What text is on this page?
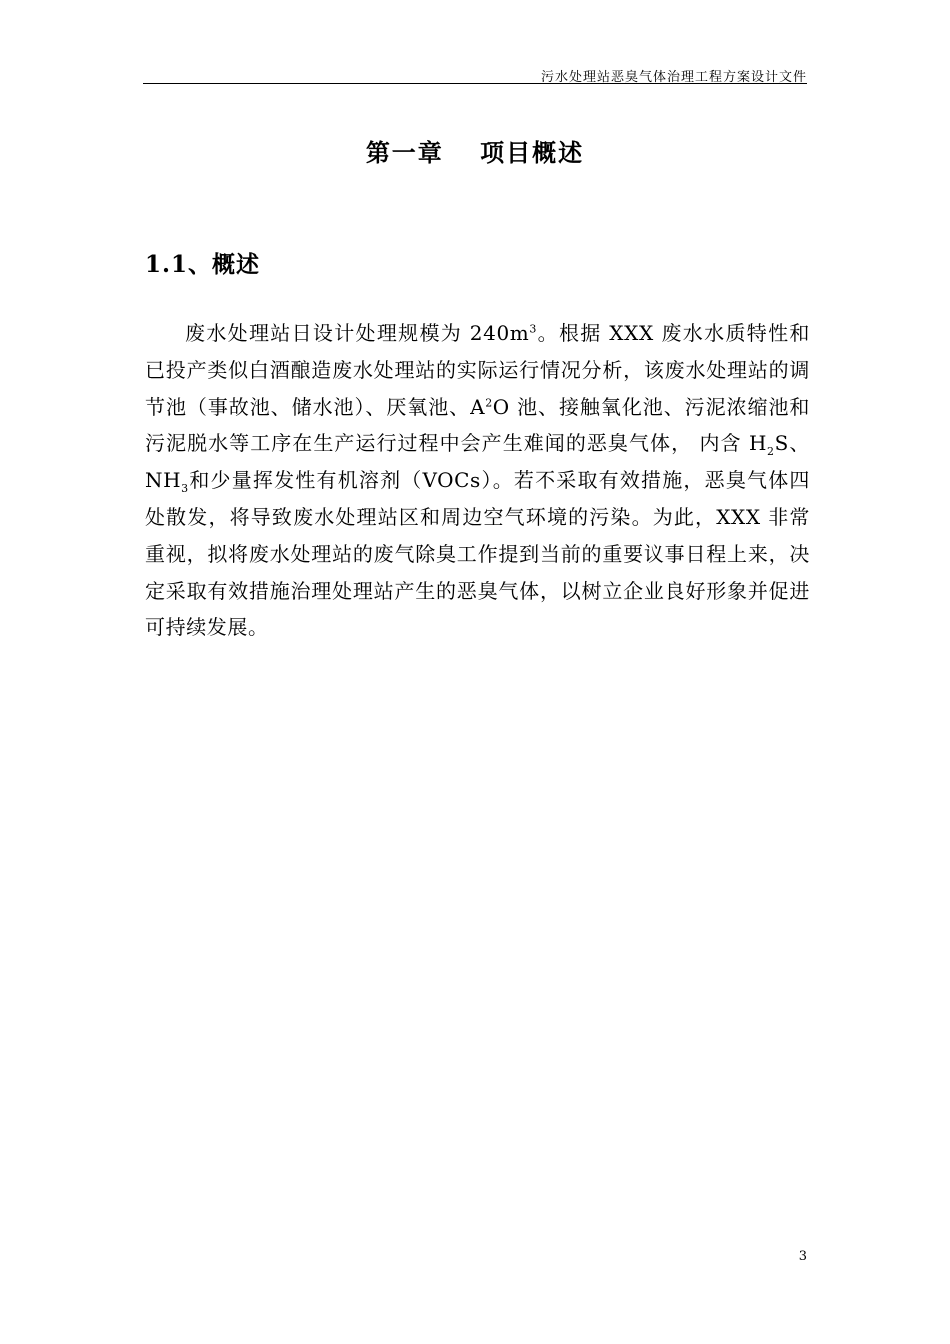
污水处理站恶臭气体治理工程方案设计文件
第一章　 项目概述
1.1、概述

废水处理站日设计处理规模为 $240m^3$。根据 XXX 废水水质特性和已投产类似白酒酿造废水处理站的实际运行情况分析，该废水处理站的调节池（事故池、储水池）、厌氧池、$A^2O$ 池、接触氧化池、污泥浓缩池和污泥脱水等工序在生产运行过程中会产生难闻的恶臭气体， 内含 $H_2S$、$NH_3$和少量挥发性有机溶剂（VOCs）。若不采取有效措施，恶臭气体四处散发，将导致废水处理站区和周边空气环境的污染。为此，XXX 非常重视，拟将废水处理站的废气除臭工作提到当前的重要议事日程上来，决定采取有效措施治理处理站产生的恶臭气体，以树立企业良好形象并促进可持续发展。

3
